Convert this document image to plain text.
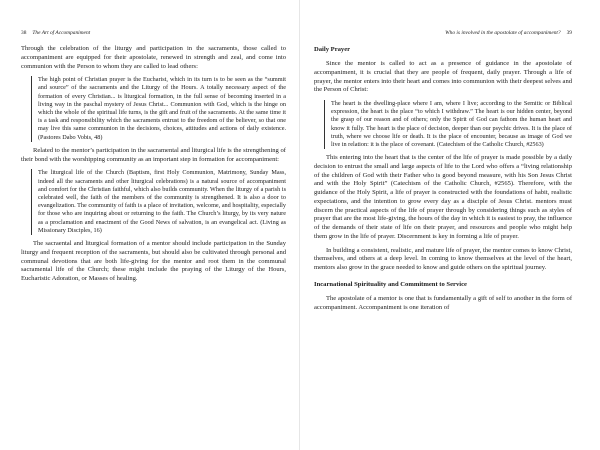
38 The Art of Accompaniment

Through the celebration of the liturgy and participation in the sacraments, those called to accompaniment are equipped for their apostolate, renewed in strength and zeal, and come into communion with the Person to whom they are called to lead others:

The high point of Christian prayer is the Eucharist, which in its turn is to be seen as the “summit and source” of the sacraments and the Liturgy of the Hours. A totally necessary aspect of the formation of every Christian... is liturgical formation, in the full sense of becoming inserted in a living way in the paschal mystery of Jesus Christ... Communion with God, which is the hinge on which the whole of the spiritual life turns, is the gift and fruit of the sacraments. At the same time it is a task and responsibility which the sacraments entrust to the freedom of the believer, so that one may live this same communion in the decisions, choices, attitudes and actions of daily existence. (Pastores Dabo Vobis, 48)

Related to the mentor’s participation in the sacramental and liturgical life is the strengthening of their bond with the worshipping community as an important step in formation for accompaniment:

The liturgical life of the Church (Baptism, first Holy Communion, Matrimony, Sunday Mass, indeed all the sacraments and other liturgical celebrations) is a natural source of accompaniment and comfort for the Christian faithful, which also builds community. When the liturgy of a parish is celebrated well, the faith of the members of the community is strengthened. It is also a door to evangelization. The community of faith is a place of invitation, welcome, and hospitality, especially for those who are inquiring about or returning to the faith. The Church’s liturgy, by its very nature as a proclamation and enactment of the Good News of salvation, is an evangelical act. (Living as Missionary Disciples, 16)

The sacraental and liturgical formation of a mentor should include participation in the Sunday liturgy and frequent reception of the sacraments, but should also be cultivated through personal and communal devotions that are both life-giving for the mentor and root them in the communal sacramental life of the Church; these might include the praying of the Liturgy of the Hours, Eucharistic Adoration, or Masses of healing.

Who is involved in the apostolate of accompaniment? 39
Daily Prayer

Since the mentor is called to act as a presence of guidance in the apostolate of accompaniment, it is crucial that they are people of frequent, daily prayer. Through a life of prayer, the mentor enters into their heart and comes into communion with their deepest selves and the Person of Christ:

The heart is the dwelling-place where I am, where I live; according to the Semitic or Biblical expression, the heart is the place “to which I withdraw.” The heart is our hidden center, beyond the grasp of our reason and of others; only the Spirit of God can fathom the human heart and know it fully. The heart is the place of decision, deeper than our psychic drives. It is the place of truth, where we choose life or death. It is the place of encounter, because as image of God we live in relation: it is the place of covenant. (Catechism of the Catholic Church, #2563)

This entering into the heart that is the center of the life of prayer is made possible by a daily decision to entrust the small and large aspects of life to the Lord who offers a “living relationship of the children of God with their Father who is good beyond measure, with his Son Jesus Christ and with the Holy Spirit” (Catechism of the Catholic Church, #2565). Therefore, with the guidance of the Holy Spirit, a life of prayer is constructed with the foundations of habit, realistic expectations, and the intention to grow every day as a disciple of Jesus Christ. mentors must discern the practical aspects of the life of prayer through by considering things such as styles of prayer that are the most life-giving, the hours of the day in which it is easiest to pray, the influence of the demands of their state of life on their prayer, and resources and people who might help them grow in the life of prayer. Discernment is key in forming a life of prayer.

In building a consistent, realistic, and mature life of prayer, the mentor comes to know Christ, themselves, and others at a deep level. In coming to know themselves at the level of the heart, mentors also grow in the grace needed to know and guide others on the spiritual journey.

Incarnational Spirituality and Commitment to Service

The apostolate of a mentor is one that is fundamentally a gift of self to another in the form of accompaniment. Accompaniment is one iteration of
